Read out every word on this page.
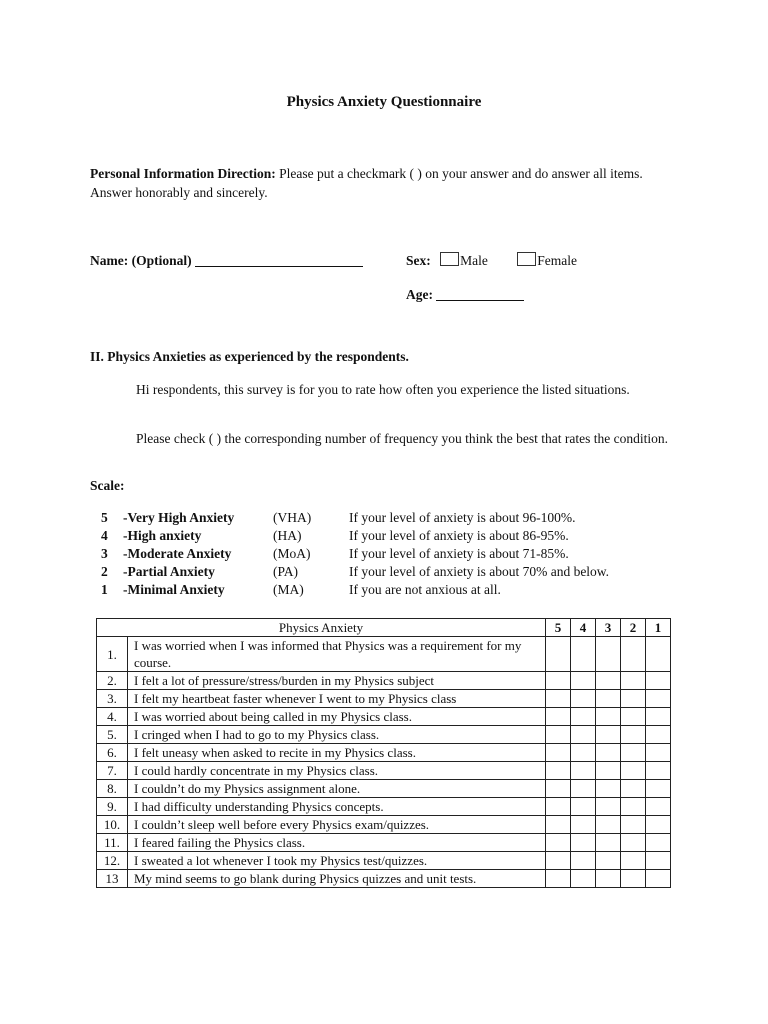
Physics Anxiety Questionnaire
Personal Information Direction: Please put a checkmark ( ) on your answer and do answer all items. Answer honorably and sincerely.
Name: (Optional)	Sex: Male	Female
Age:
II. Physics Anxieties as experienced by the respondents.
Hi respondents, this survey is for you to rate how often you experience the listed situations.
Please check ( ) the corresponding number of frequency you think the best that rates the condition.
Scale:
5 -Very High Anxiety	(VHA)	If your level of anxiety is about 96-100%.
4 -High anxiety	(HA)	If your level of anxiety is about 86-95%.
3 -Moderate Anxiety	(MoA)	If your level of anxiety is about 71-85%.
2 -Partial Anxiety	(PA)	If your level of anxiety is about 70% and below.
1 -Minimal Anxiety	(MA)	If you are not anxious at all.
Physics Anxiety		5	4	3	2	1
1.	I was worried when I was informed that Physics was a requirement for my course.					
2.	I felt a lot of pressure/stress/burden in my Physics subject					
3.	I felt my heartbeat faster whenever I went to my Physics class					
4.	I was worried about being called in my Physics class.					
5.	I cringed when I had to go to my Physics class.					
6.	I felt uneasy when asked to recite in my Physics class.					
7.	I could hardly concentrate in my Physics class.					
8.	I couldn’t do my Physics assignment alone.					
9.	I had difficulty understanding Physics concepts.					
10.	I couldn’t sleep well before every Physics exam/quizzes.					
11.	I feared failing the Physics class.					
12.	I sweated a lot whenever I took my Physics test/quizzes.					
13	My mind seems to go blank during Physics quizzes and unit tests.					
